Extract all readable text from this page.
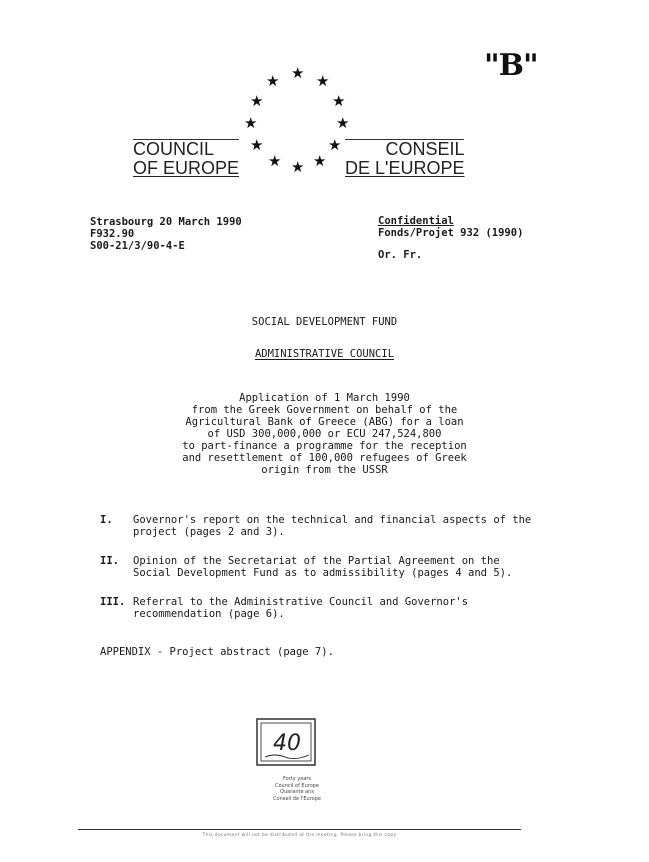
"B"
★
★ ★
★	★
★	★
★	★
★ ★
★
COUNCIL
OF EUROPE
CONSEIL
DE L'EUROPE
Strasbourg 20 March 1990
F932.90
S00-21/3/90-4-E
Confidential
Fonds/Projet 932 (1990)
Or. Fr.
SOCIAL DEVELOPMENT FUND
ADMINISTRATIVE COUNCIL
Application of 1 March 1990
from the Greek Government on behalf of the
Agricultural Bank of Greece (ABG) for a loan
of USD 300,000,000 or ECU 247,524,800
to part-finance a programme for the reception
and resettlement of 100,000 refugees of Greek
origin from the USSR
I.	Governor's report on the technical and financial aspects of the project (pages 2 and 3).
II.	Opinion of the Secretariat of the Partial Agreement on the Social Development Fund as to admissibility (pages 4 and 5).
III. Referral to the Administrative Council and Governor's recommendation (page 6).
APPENDIX - Project abstract (page 7).
40
Forty years
Council of Europe
Quarante ans
Conseil de l'Europe
This document will not be distributed at the meeting. Please bring this copy
